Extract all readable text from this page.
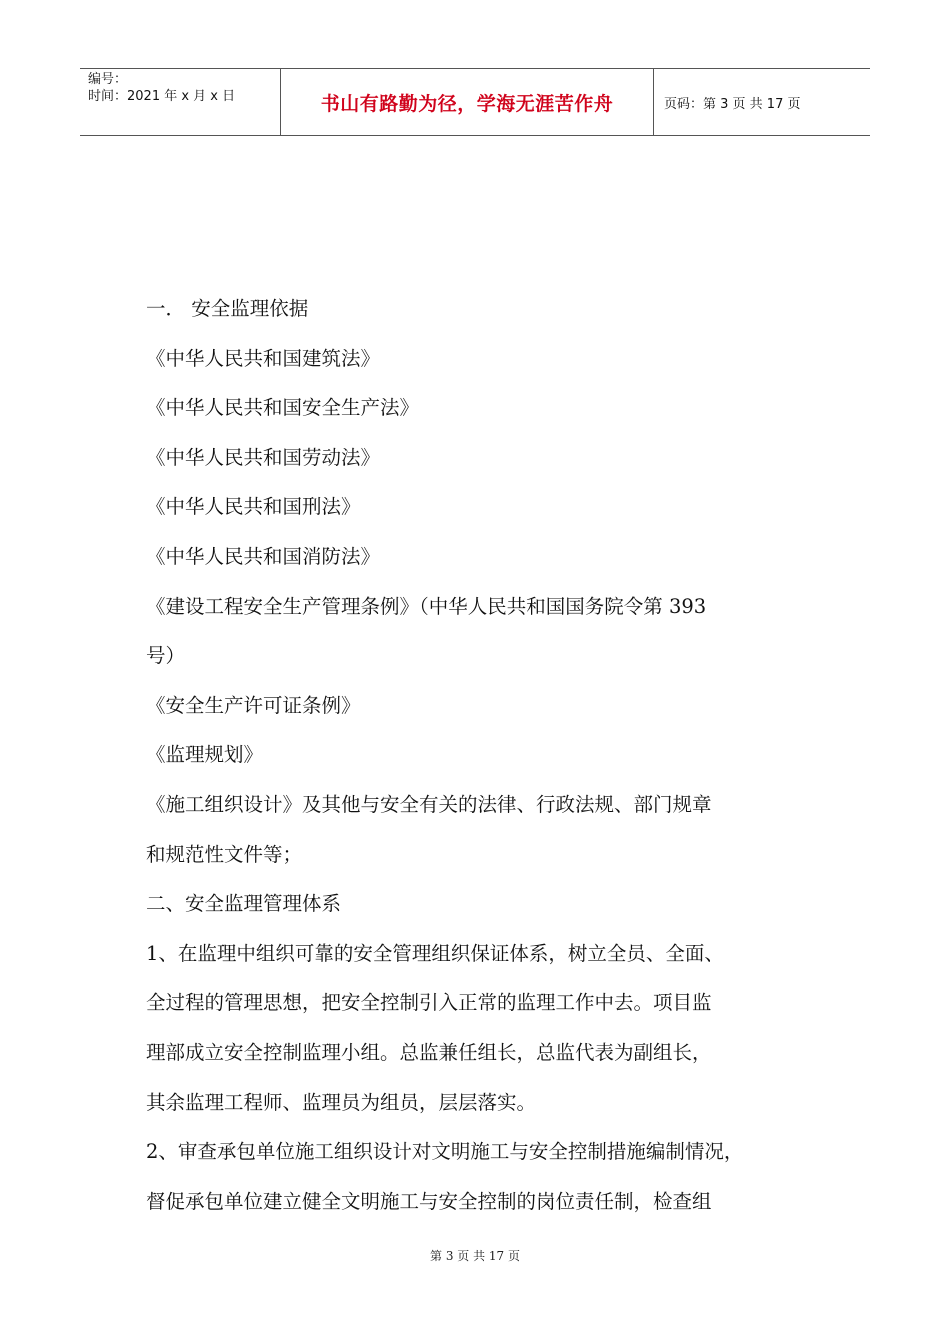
编号：
时间：2021 年 x 月 x 日	书山有路勤为径，学海无涯苦作舟	页码：第 3 页 共 17 页
一． 安全监理依据
《中华人民共和国建筑法》
《中华人民共和国安全生产法》
《中华人民共和国劳动法》
《中华人民共和国刑法》
《中华人民共和国消防法》
《建设工程安全生产管理条例》（中华人民共和国国务院令第 393
号）
《安全生产许可证条例》
《监理规划》
《施工组织设计》及其他与安全有关的法律、行政法规、部门规章
和规范性文件等；
二、安全监理管理体系
1、在监理中组织可靠的安全管理组织保证体系，树立全员、全面、
全过程的管理思想，把安全控制引入正常的监理工作中去。项目监
理部成立安全控制监理小组。总监兼任组长，总监代表为副组长，
其余监理工程师、监理员为组员，层层落实。
2、审查承包单位施工组织设计对文明施工与安全控制措施编制情况，
督促承包单位建立健全文明施工与安全控制的岗位责任制，检查组
第 3 页 共 17 页
